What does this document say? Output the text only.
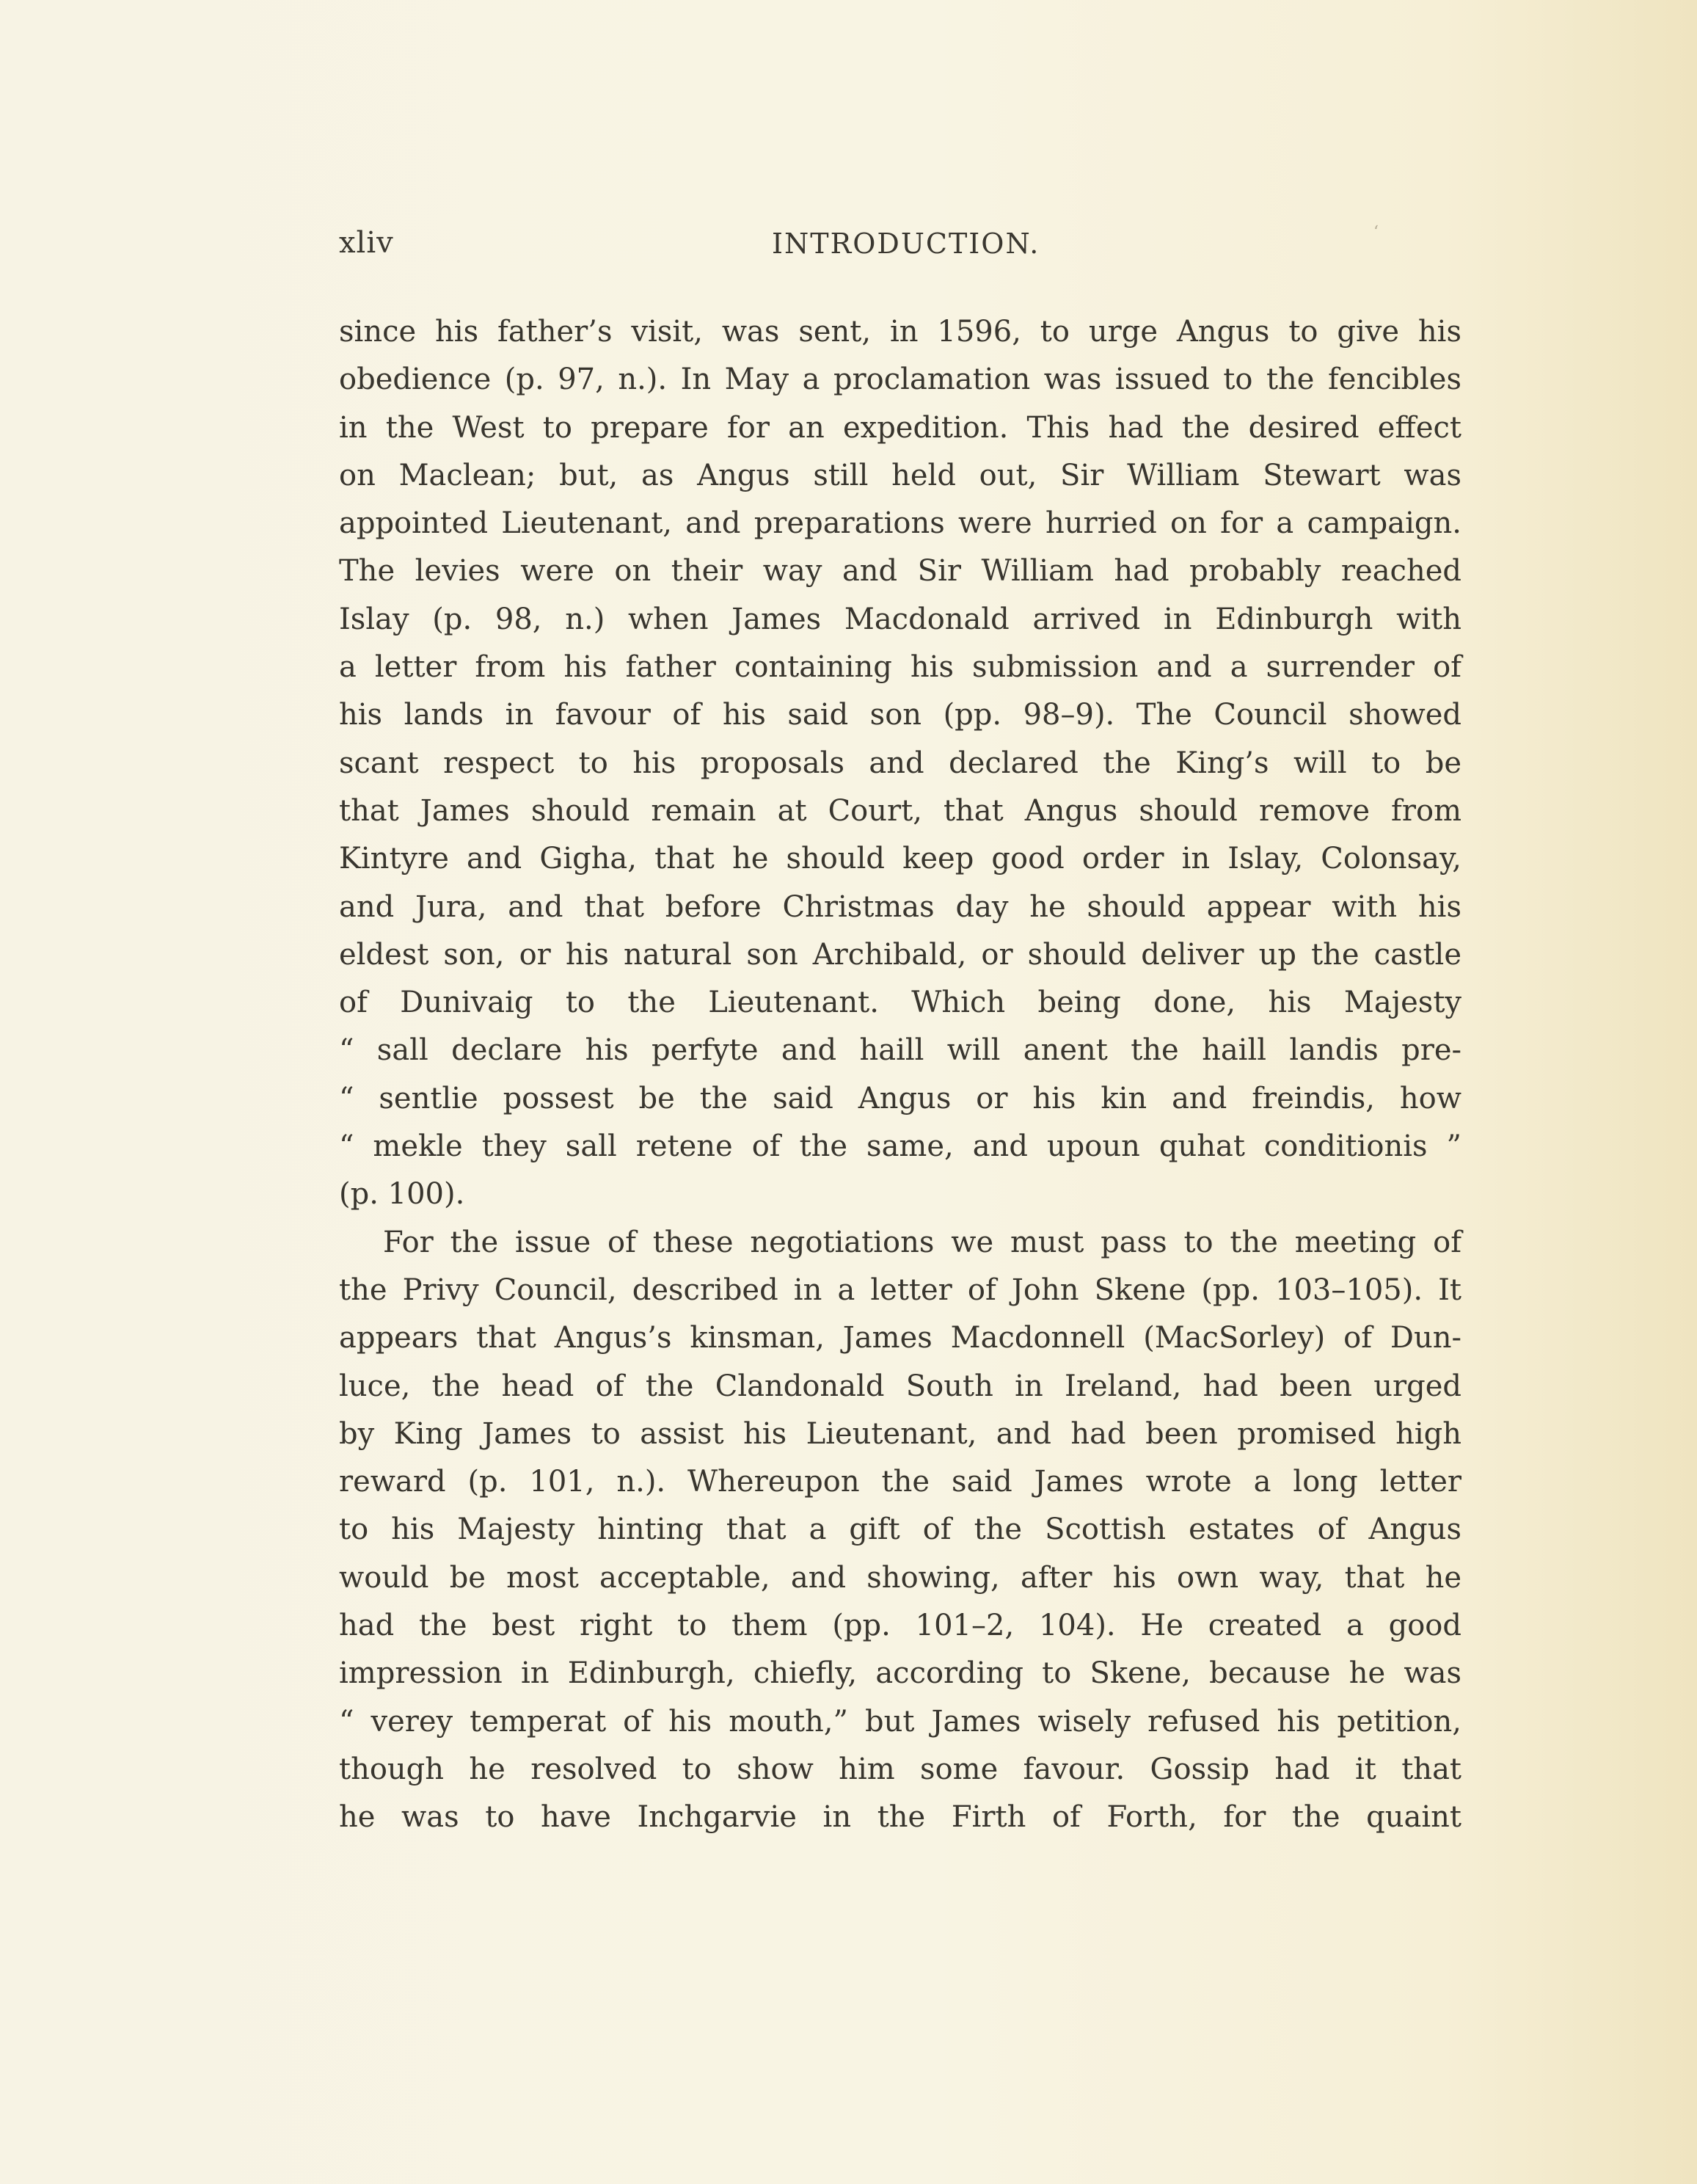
xliv	INTRODUCTION.	‘
since his father’s visit, was sent, in 1596, to urge Angus to give his
obedience (p. 97, n.). In May a proclamation was issued to the fencibles
in the West to prepare for an expedition. This had the desired effect
on Maclean; but, as Angus still held out, Sir William Stewart was
appointed Lieutenant, and preparations were hurried on for a campaign.
The levies were on their way and Sir William had probably reached
Islay (p. 98, n.) when James Macdonald arrived in Edinburgh with
a letter from his father containing his submission and a surrender of
his lands in favour of his said son (pp. 98–9). The Council showed
scant respect to his proposals and declared the King’s will to be
that James should remain at Court, that Angus should remove from
Kintyre and Gigha, that he should keep good order in Islay, Colonsay,
and Jura, and that before Christmas day he should appear with his
eldest son, or his natural son Archibald, or should deliver up the castle
of Dunivaig to the Lieutenant. Which being done, his Majesty
“ sall declare his perfyte and haill will anent the haill landis pre-
“ sentlie possest be the said Angus or his kin and freindis, how
“ mekle they sall retene of the same, and upoun quhat conditionis ”
(p. 100).
For the issue of these negotiations we must pass to the meeting of
the Privy Council, described in a letter of John Skene (pp. 103–105). It
appears that Angus’s kinsman, James Macdonnell (MacSorley) of Dun-
luce, the head of the Clandonald South in Ireland, had been urged
by King James to assist his Lieutenant, and had been promised high
reward (p. 101, n.). Whereupon the said James wrote a long letter
to his Majesty hinting that a gift of the Scottish estates of Angus
would be most acceptable, and showing, after his own way, that he
had the best right to them (pp. 101–2, 104). He created a good
impression in Edinburgh, chiefly, according to Skene, because he was
“ verey temperat of his mouth,” but James wisely refused his petition,
though he resolved to show him some favour. Gossip had it that
he was to have Inchgarvie in the Firth of Forth, for the quaint
